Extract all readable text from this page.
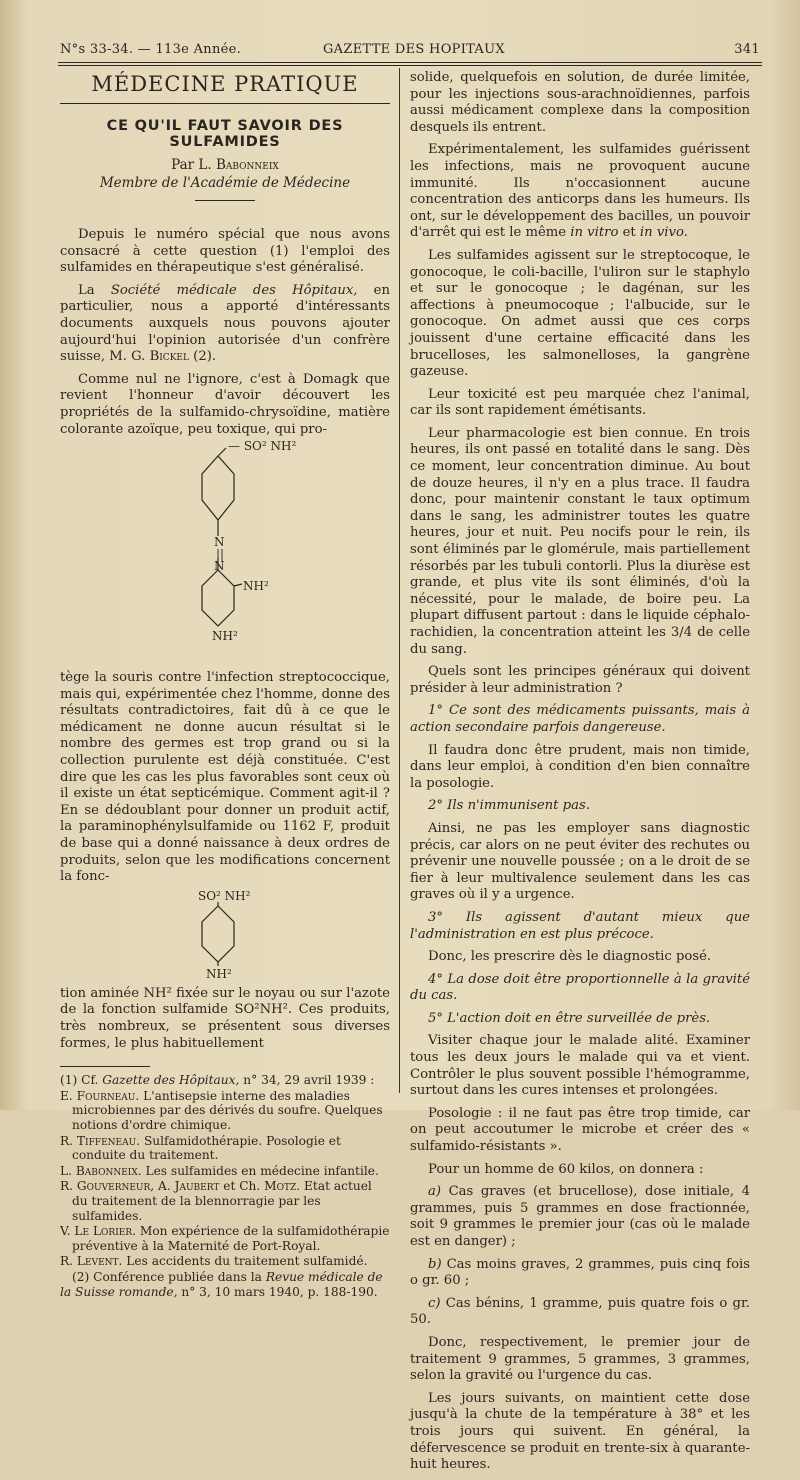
N°s 33-34. — 113e Année.	GAZETTE DES HOPITAUX	341
MÉDECINE PRATIQUE
CE QU'IL FAUT SAVOIR DES SULFAMIDES
Par L. Babonneix
Membre de l'Académie de Médecine

Depuis le numéro spécial que nous avons consacré à cette question (1) l'emploi des sulfamides en thérapeutique s'est généralisé.

La Société médicale des Hôpitaux, en particulier, nous a apporté d'intéressants documents auxquels nous pouvons ajouter aujourd'hui l'opinion autorisée d'un confrère suisse, M. G. Bickel (2).

Comme nul ne l'ignore, c'est à Domagk que revient l'honneur d'avoir découvert les propriétés de la sulfamido-chrysoïdine, matière colorante azoïque, peu toxique, qui pro-

— SO² NH²
N
||
N
NH²
NH²

tège la souris contre l'infection streptococcique, mais qui, expérimentée chez l'homme, donne des résultats contradictoires, fait dû à ce que le médicament ne donne aucun résultat si le nombre des germes est trop grand ou si la collection purulente est déjà constituée. C'est dire que les cas les plus favorables sont ceux où il existe un état septicémique. Comment agit-il ? En se dédoublant pour donner un produit actif, la paraminophénylsulfamide ou 1162 F, produit de base qui a donné naissance à deux ordres de produits, selon que les modifications concernent la fonc-

SO² NH²
NH²

tion aminée NH² fixée sur le noyau ou sur l'azote de la fonction sulfamide SO²NH². Ces produits, très nombreux, se présentent sous diverses formes, le plus habituellement

(1) Cf. Gazette des Hôpitaux, n° 34, 29 avril 1939 :
E. Fourneau. L'antisepsie interne des maladies microbiennes par des dérivés du soufre. Quelques notions d'ordre chimique.
R. Tiffeneau. Sulfamidothérapie. Posologie et conduite du traitement.
L. Babonneix. Les sulfamides en médecine infantile.
R. Gouverneur, A. Jaubert et Ch. Motz. Etat actuel du traitement de la blennorragie par les sulfamides.
V. Le Lorier. Mon expérience de la sulfamidothérapie préventive à la Maternité de Port-Royal.
R. Levent. Les accidents du traitement sulfamidé.
(2) Conférence publiée dans la Revue médicale de la Suisse romande, n° 3, 10 mars 1940, p. 188-190.

solide, quelquefois en solution, de durée limitée, pour les injections sous-arachnoïdiennes, parfois aussi médicament complexe dans la composition desquels ils entrent.

Expérimentalement, les sulfamides guérissent les infections, mais ne provoquent aucune immunité. Ils n'occasionnent aucune concentration des anticorps dans les humeurs. Ils ont, sur le développement des bacilles, un pouvoir d'arrêt qui est le même in vitro et in vivo.

Les sulfamides agissent sur le streptocoque, le gonocoque, le coli-bacille, l'uliron sur le staphylo et sur le gonocoque ; le dagénan, sur les affections à pneumocoque ; l'albucide, sur le gonocoque. On admet aussi que ces corps jouissent d'une certaine efficacité dans les brucelloses, les salmonelloses, la gangrène gazeuse.

Leur toxicité est peu marquée chez l'animal, car ils sont rapidement émétisants.

Leur pharmacologie est bien connue. En trois heures, ils ont passé en totalité dans le sang. Dès ce moment, leur concentration diminue. Au bout de douze heures, il n'y en a plus trace. Il faudra donc, pour maintenir constant le taux optimum dans le sang, les administrer toutes les quatre heures, jour et nuit. Peu nocifs pour le rein, ils sont éliminés par le glomérule, mais partiellement résorbés par les tubuli contorli. Plus la diurèse est grande, et plus vite ils sont éliminés, d'où la nécessité, pour le malade, de boire peu. La plupart diffusent partout : dans le liquide céphalo-rachidien, la concentration atteint les 3/4 de celle du sang.

Quels sont les principes généraux qui doivent présider à leur administration ?

1° Ce sont des médicaments puissants, mais à action secondaire parfois dangereuse.

Il faudra donc être prudent, mais non timide, dans leur emploi, à condition d'en bien connaître la posologie.

2° Ils n'immunisent pas.

Ainsi, ne pas les employer sans diagnostic précis, car alors on ne peut éviter des rechutes ou prévenir une nouvelle poussée ; on a le droit de se fier à leur multivalence seulement dans les cas graves où il y a urgence.

3° Ils agissent d'autant mieux que l'administration en est plus précoce.

Donc, les prescrire dès le diagnostic posé.

4° La dose doit être proportionnelle à la gravité du cas.

5° L'action doit en être surveillée de près.

Visiter chaque jour le malade alité. Examiner tous les deux jours le malade qui va et vient. Contrôler le plus souvent possible l'hémogramme, surtout dans les cures intenses et prolongées.

Posologie : il ne faut pas être trop timide, car on peut accoutumer le microbe et créer des « sulfamido-résistants ».

Pour un homme de 60 kilos, on donnera :

a) Cas graves (et brucellose), dose initiale, 4 grammes, puis 5 grammes en dose fractionnée, soit 9 grammes le premier jour (cas où le malade est en danger) ;

b) Cas moins graves, 2 grammes, puis cinq fois o gr. 60 ;

c) Cas bénins, 1 gramme, puis quatre fois o gr. 50.

Donc, respectivement, le premier jour de traitement 9 grammes, 5 grammes, 3 grammes, selon la gravité ou l'urgence du cas.

Les jours suivants, on maintient cette dose jusqu'à la chute de la température à 38° et les trois jours qui suivent. En général, la défervescence se produit en trente-six à quarante-huit heures.
